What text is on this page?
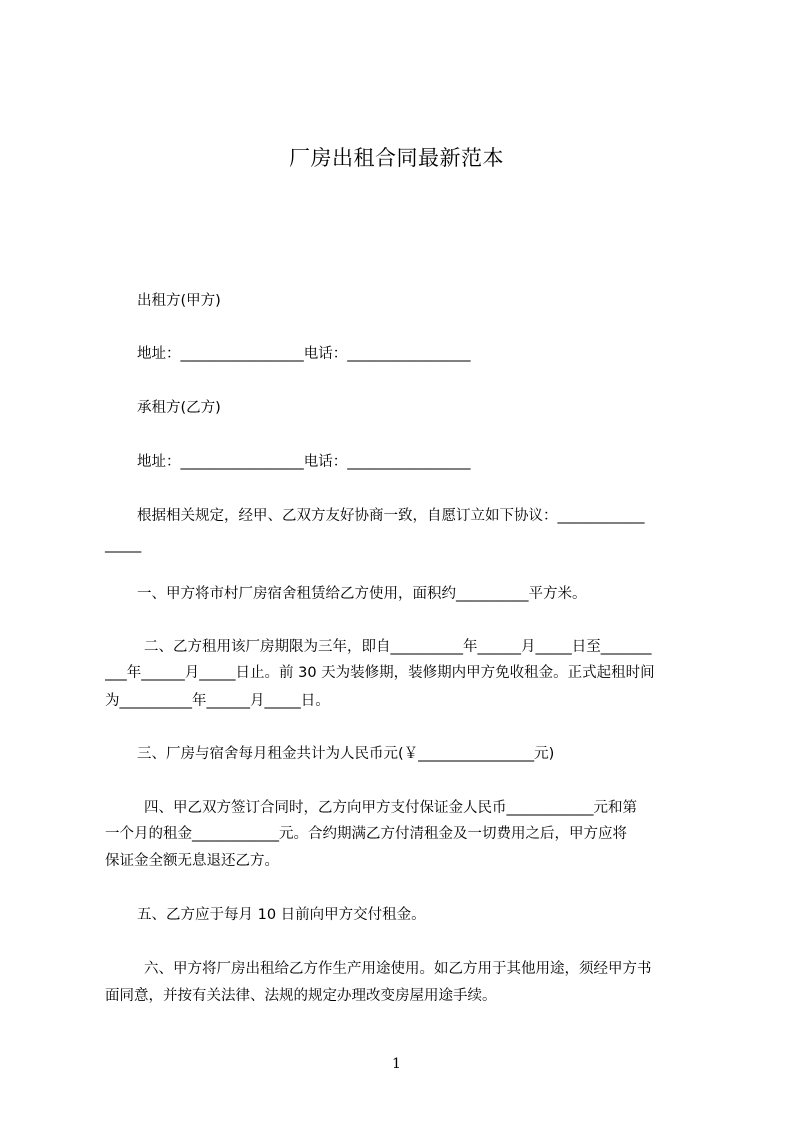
厂房出租合同最新范本
出租方(甲方)
地址：_________________电话：_________________
承租方(乙方)
地址：_________________电话：_________________
根据相关规定，经甲、乙双方友好协商一致，自愿订立如下协议：____________
_____
一、甲方将市村厂房宿舍租赁给乙方使用，面积约__________平方米。
二、乙方租用该厂房期限为三年，即自__________年______月_____日至_______
___年______月_____日止。前 30 天为装修期，装修期内甲方免收租金。正式起租时间
为__________年______月_____日。
三、厂房与宿舍每月租金共计为人民币元(￥________________元)
四、甲乙双方签订合同时，乙方向甲方支付保证金人民币____________元和第
一个月的租金____________元。合约期满乙方付清租金及一切费用之后，甲方应将
保证金全额无息退还乙方。
五、乙方应于每月 10 日前向甲方交付租金。
六、甲方将厂房出租给乙方作生产用途使用。如乙方用于其他用途，须经甲方书
面同意，并按有关法律、法规的规定办理改变房屋用途手续。
1
